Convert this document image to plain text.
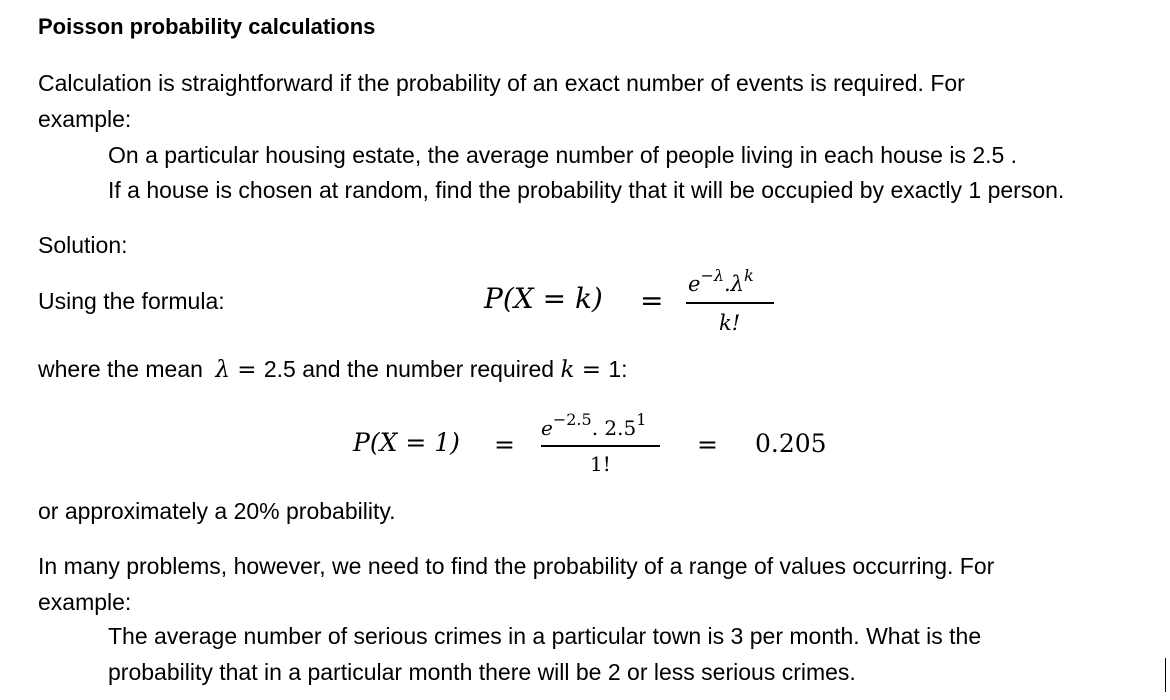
Poisson probability calculations
Calculation is straightforward if the probability of an exact number of events is required. For
example:
On a particular housing estate, the average number of people living in each house is 2.5 .
If a house is chosen at random, find the probability that it will be occupied by exactly 1 person.
Solution:
Using the formula:	$P(X = k) = e^{-\lambda}.\lambda^k$
k!
where the mean λ = 2.5 and the number required k = 1:
P(X = 1) =
$e^{-2.5}$. $2.5^1$
1!
= 0.205
or approximately a 20% probability.
In many problems, however, we need to find the probability of a range of values occurring. For
example:
The average number of serious crimes in a particular town is 3 per month. What is the
probability that in a particular month there will be 2 or less serious crimes.
